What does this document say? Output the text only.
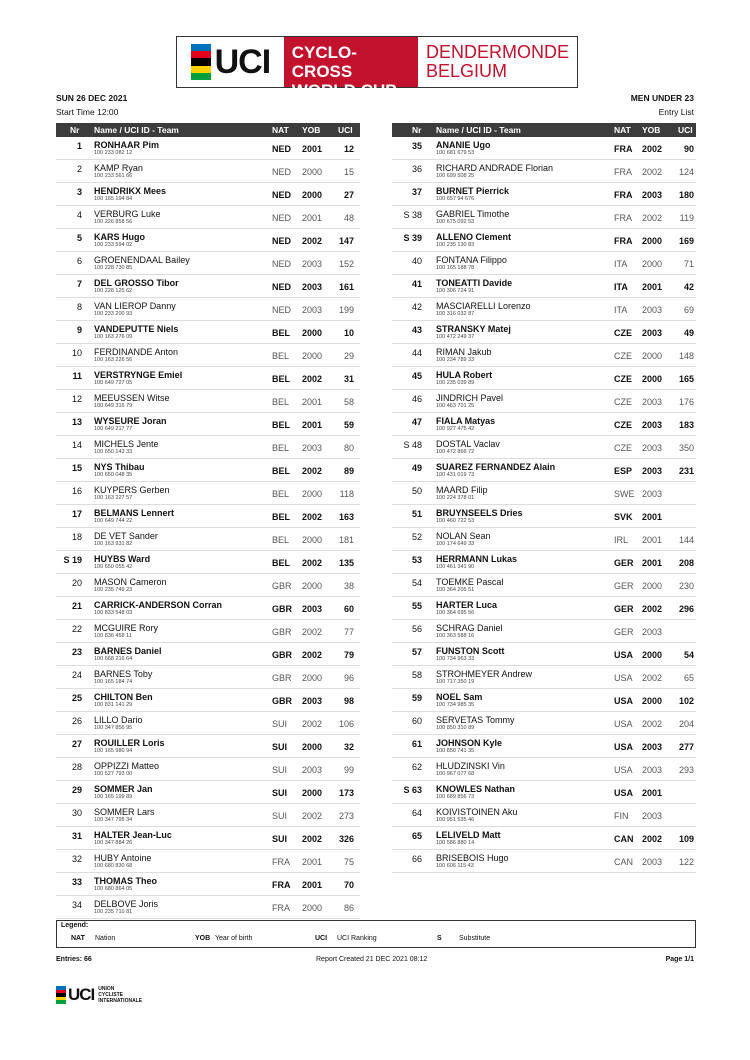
UCI CYCLO-CROSS
WORLD CUP
DENDERMONDE
BELGIUM
SUN 26 DEC 2021
Start Time 12:00
MEN UNDER 23
Entry List
Nr Name / UCI ID - Team	NAT YOB UCI	Nr Name / UCI ID - Team	NAT YOB UCI
1 RONHAAR Pim
100 233 082 12	NED 2001	12
2 KAMP Ryan
100 233 561 66	NED 2000	15
3 HENDRIKX Mees
100 165 194 84	NED 2000	27
4 VERBURG Luke
100 226 858 56	NED 2001	48
5 KARS Hugo
100 233 594 02	NED 2002	147
6 GROENENDAAL Bailey
100 228 730 85	NED 2003	152
7 DEL GROSSO Tibor
100 228 125 62	NED 2003	161
8 VAN LIEROP Danny
100 233 200 93	NED 2003	199
9 VANDEPUTTE Niels
100 163 276 09	BEL 2000	10
10 FERDINANDE Anton
100 163 226 56	BEL 2000	29
11 VERSTRYNGE Emiel
100 649 727 05	BEL 2002	31
12 MEEUSSEN Witse
100 649 316 79	BEL 2001	58
13 WYSEURE Joran
100 649 217 77	BEL 2001	59
14 MICHELS Jente
100 650 143 33	BEL 2003	80
15 NYS Thibau
100 650 048 35	BEL 2002	89
16 KUYPERS Gerben
100 163 227 57	BEL 2000	118
17 BELMANS Lennert
100 649 744 22	BEL 2002	163
18 DE VET Sander
100 163 931 82	BEL 2000	181
S 19 HUYBS Ward
100 650 055 42	BEL 2002	135
20 MASON Cameron
100 235 749 23	GBR 2000	38
21 CARRICK-ANDERSON Corran
100 833 548 03	GBR 2003	60
22 MCGUIRE Rory
100 836 458 11	GBR 2002	77
23 BARNES Daniel
100 668 216 64	GBR 2002	79
24 BARNES Toby
100 165 184 74	GBR 2000	96
25 CHILTON Ben
100 831 141 29	GBR 2003	98
26 LILLO Dario
100 347 856 95	SUI 2002	106
27 ROUILLER Loris
100 165 980 94	SUI 2000	32
28 OPPIZZI Matteo
100 527 793 00	SUI 2003	99
29 SOMMER Jan
100 165 199 89	SUI 2000	173
30 SOMMER Lars
100 347 795 34	SUI 2002	273
31 HALTER Jean-Luc
100 347 884 26	SUI 2002	326
32 HUBY Antoine
100 680 830 68	FRA 2001	75
33 THOMAS Theo
100 680 864 05	FRA 2001	70
34 DELBOVE Joris
100 235 710 81	FRA 2000	86
35 ANANIE Ugo
100 681 679 53	FRA 2002	90
36 RICHARD ANDRADE Florian
100 699 508 25	FRA 2002	124
37 BURNET Pierrick
100 657 94 676	FRA 2003	180
S 38 GABRIEL Timothe
100 675 092 53	FRA 2002	119
S 39 ALLENO Clement
100 235 130 83	FRA 2000	169
40 FONTANA Filippo
100 165 188 78	ITA 2000	71
41 TONEATTI Davide
100 306 724 91	ITA 2001	42
42 MASCIARELLI Lorenzo
100 316 032 87	ITA 2003	69
43 STRANSKY Matej
100 472 249 37	CZE 2003	49
44 RIMAN Jakub
100 234 789 33	CZE 2000	148
45 HULA Robert
100 235 039 89	CZE 2000	165
46 JINDRICH Pavel
100 463 701 25	CZE 2003	176
47 FIALA Matyas
100 927 475 42	CZE 2003	183
S 48 DOSTAL Vaclav
100 472 866 72	CZE 2003	350
49 SUAREZ FERNANDEZ Alain
100 431 019 73	ESP 2003	231
50 MAARD Filip
100 224 378 01	SWE 2003
51 BRUYNSEELS Dries
100 460 722 53	SVK 2001
52 NOLAN Sean
100 174 649 33	IRL 2001	144
53 HERRMANN Lukas
100 461 341 90	GER 2001	208
54 TOEMKE Pascal
100 364 205 51	GER 2000	230
55 HARTER Luca
100 364 695 56	GER 2002	296
56 SCHRAG Daniel
100 363 588 16	GER 2003
57 FUNSTON Scott
100 734 963 33	USA 2000	54
58 STROHMEYER Andrew
100 717 350 19	USA 2002	65
59 NOEL Sam
100 734 985 35	USA 2000	102
60 SERVETAS Tommy
100 850 310 89	USA 2002	204
61 JOHNSON Kyle
100 850 741 35	USA 2003	277
62 HLUDZINSKI Vin
100 967 077 68	USA 2003	293
S 63 KNOWLES Nathan
100 689 856 73	USA 2001
64 KOIVISTOINEN Aku
100 951 535 46	FIN 2003
65 LELIVELD Matt
100 586 880 14	CAN 2002	109
66 BRISEBOIS Hugo
100 606 115 43	CAN 2003	122
Legend:
NAT Nation	YOB Year of birth	UCI UCI Ranking	S Substitute
Entries: 66	Report Created 21 DEC 2021 08:12	Page 1/1
UCI UNION
CYCLISTE
INTERNATIONALE
